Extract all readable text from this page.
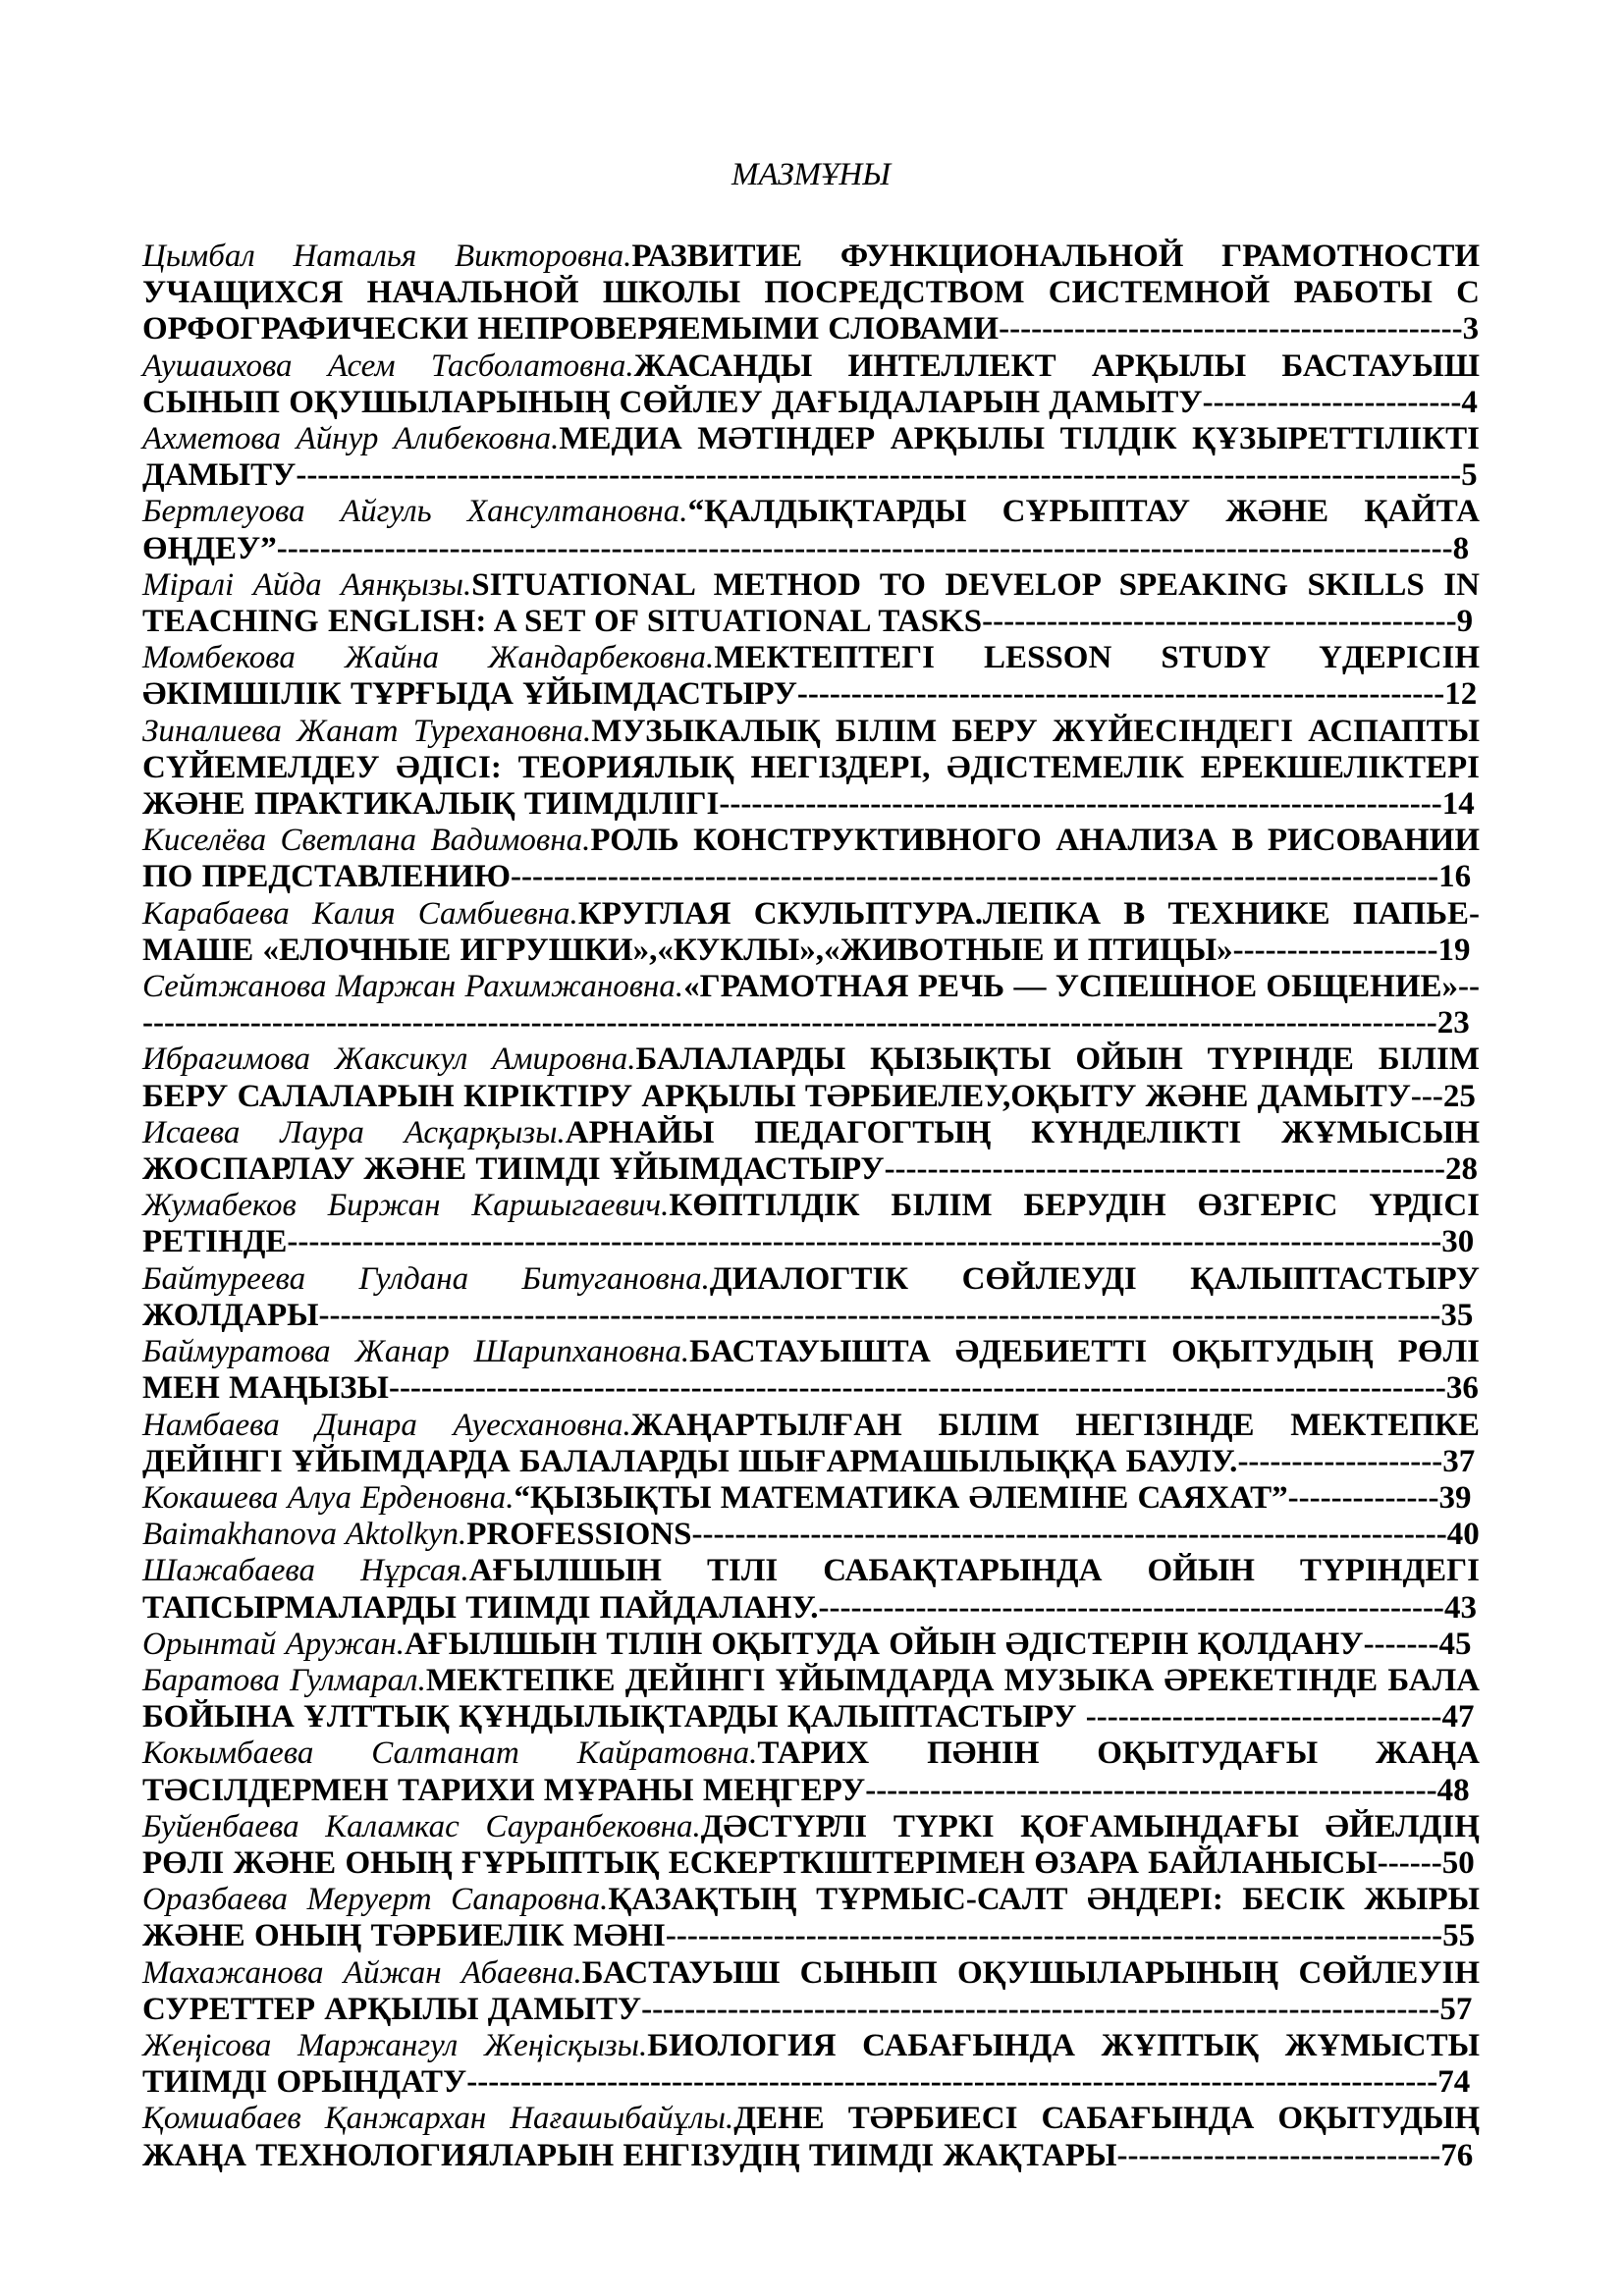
МАЗМҰНЫ

Цымбал Наталья Викторовна.РАЗВИТИЕ ФУНКЦИОНАЛЬНОЙ ГРАМОТНОСТИ УЧАЩИХСЯ НАЧАЛЬНОЙ ШКОЛЫ ПОСРЕДСТВОМ СИСТЕМНОЙ РАБОТЫ С ОРФОГРАФИЧЕСКИ НЕПРОВЕРЯЕМЫМИ СЛОВАМИ-------------------------------------------3

Аушаихова Асем Тасболатовна.ЖАСАНДЫ ИНТЕЛЛЕКТ АРҚЫЛЫ БАСТАУЫШ СЫНЫП ОҚУШЫЛАРЫНЫҢ СӨЙЛЕУ ДАҒЫДАЛАРЫН ДАМЫТУ------------------------4

Ахметова Айнур Алибековна.МЕДИА МӘТІНДЕР АРҚЫЛЫ ТІЛДІК ҚҰЗЫРЕТТІЛІКТІ ДАМЫТУ------------------------------------------------------------------------------------------------------------5

Бертлеуова Айгуль Хансултановна.“ҚАЛДЫҚТАРДЫ СҰРЫПТАУ ЖӘНЕ ҚАЙТА ӨҢДЕУ”-------------------------------------------------------------------------------------------------------------8

Міралі Айда Аянқызы.SITUATIONAL METHOD TO DEVELOP SPEAKING SKILLS IN TEACHING ENGLISH: A SET OF SITUATIONAL TASKS--------------------------------------------9

Момбекова Жайна Жандарбековна.МЕКТЕПТЕГІ LESSON STUDY ҮДЕРІСІН ӘКІМШІЛІК ТҰРҒЫДА ҰЙЫМДАСТЫРУ------------------------------------------------------------12

Зиналиева Жанат Турехановна.МУЗЫКАЛЫҚ БІЛІМ БЕРУ ЖҮЙЕСІНДЕГІ АСПАПТЫ СҮЙЕМЕЛДЕУ ӘДІСІ: ТЕОРИЯЛЫҚ НЕГІЗДЕРІ, ӘДІСТЕМЕЛІК ЕРЕКШЕЛІКТЕРІ ЖӘНЕ ПРАКТИКАЛЫҚ ТИІМДІЛІГІ-------------------------------------------------------------------14

Киселёва Светлана Вадимовна.РОЛЬ КОНСТРУКТИВНОГО АНАЛИЗА В РИСОВАНИИ ПО ПРЕДСТАВЛЕНИЮ--------------------------------------------------------------------------------------16

Карабаева Калия Самбиевна.КРУГЛАЯ СКУЛЬПТУРА.ЛЕПКА В ТЕХНИКЕ ПАПЬЕ-МАШЕ «ЕЛОЧНЫЕ ИГРУШКИ»,«КУКЛЫ»,«ЖИВОТНЫЕ И ПТИЦЫ»-------------------19

Сейтжанова Маржан Рахимжановна.«ГРАМОТНАЯ РЕЧЬ — УСПЕШНОЕ ОБЩЕНИЕ»--------------------------------------------------------------------------------------------------------------------------23

Ибрагимова Жаксикул Амировна.БАЛАЛАРДЫ ҚЫЗЫҚТЫ ОЙЫН ТҮРІНДЕ БІЛІМ БЕРУ САЛАЛАРЫН КІРІКТІРУ АРҚЫЛЫ ТӘРБИЕЛЕУ,ОҚЫТУ ЖӘНЕ ДАМЫТУ---25

Исаева Лаура Асқарқызы.АРНАЙЫ ПЕДАГОГТЫҢ КҮНДЕЛІКТІ ЖҰМЫСЫН ЖОСПАРЛАУ ЖӘНЕ ТИІМДІ ҰЙЫМДАСТЫРУ----------------------------------------------------28

Жумабеков Биржан Каршыгаевич.КӨПТІЛДІК БІЛІМ БЕРУДІН ӨЗГЕРІС ҮРДІСІ РЕТІНДЕ-----------------------------------------------------------------------------------------------------------30

Байтуреева Гулдана Битугановна.ДИАЛОГТІК СӨЙЛЕУДІ ҚАЛЫПТАСТЫРУ ЖОЛДАРЫ--------------------------------------------------------------------------------------------------------35

Баймуратова Жанар Шарипхановна.БАСТАУЫШТА ӘДЕБИЕТТІ ОҚЫТУДЫҢ РӨЛІ МЕН МАҢЫЗЫ--------------------------------------------------------------------------------------------------36

Намбаева Динара Ауесхановна.ЖАҢАРТЫЛҒАН БІЛІМ НЕГІЗІНДЕ МЕКТЕПКЕ ДЕЙІНГІ ҰЙЫМДАРДА БАЛАЛАРДЫ ШЫҒАРМАШЫЛЫҚҚА БАУЛУ.-------------------37

Кокашева Алуа Ерденовна.“ҚЫЗЫҚТЫ МАТЕМАТИКА ӘЛЕМІНЕ САЯХАТ”--------------39

Baimakhanova Aktolkyn.PROFESSIONS----------------------------------------------------------------------40

Шажабаева Нұрсая.АҒЫЛШЫН ТІЛІ САБАҚТАРЫНДА ОЙЫН ТҮРІНДЕГІ ТАПСЫРМАЛАРДЫ ТИІМДІ ПАЙДАЛАНУ.----------------------------------------------------------43

Орынтай Аружан.АҒЫЛШЫН ТІЛІН ОҚЫТУДА ОЙЫН ӘДІСТЕРІН ҚОЛДАНУ-------45

Баратова Гулмарал.МЕКТЕПКЕ ДЕЙІНГІ ҰЙЫМДАРДА МУЗЫКА ӘРЕКЕТІНДЕ БАЛА БОЙЫНА ҰЛТТЫҚ ҚҰНДЫЛЫҚТАРДЫ ҚАЛЫПТАСТЫРУ ---------------------------------47

Кокымбаева Салтанат Кайратовна.ТАРИХ ПӘНІН ОҚЫТУДАҒЫ ЖАҢА ТӘСІЛДЕРМЕН ТАРИХИ МҰРАНЫ МЕҢГЕРУ-----------------------------------------------------48

Буйенбаева Каламкас Сауранбековна.ДӘСТҮРЛІ ТҮРКІ ҚОҒАМЫНДАҒЫ ӘЙЕЛДІҢ РӨЛІ ЖӘНЕ ОНЫҢ ҒҰРЫПТЫҚ ЕСКЕРТКІШТЕРІМЕН ӨЗАРА БАЙЛАНЫСЫ------50

Оразбаева Меруерт Сапаровна.ҚАЗАҚТЫҢ ТҰРМЫС-САЛТ ӘНДЕРІ: БЕСІК ЖЫРЫ ЖӘНЕ ОНЫҢ ТӘРБИЕЛІК МӘНІ------------------------------------------------------------------------55

Махажанова Айжан Абаевна.БАСТАУЫШ СЫНЫП ОҚУШЫЛАРЫНЫҢ СӨЙЛЕУІН СУРЕТТЕР АРҚЫЛЫ ДАМЫТУ--------------------------------------------------------------------------57

Жеңісова Маржангул Жеңісқызы.БИОЛОГИЯ САБАҒЫНДА ЖҰПТЫҚ ЖҰМЫСТЫ ТИІМДІ ОРЫНДАТУ------------------------------------------------------------------------------------------74

Қомшабаев Қанжархан Нағашыбайұлы.ДЕНЕ ТӘРБИЕСІ САБАҒЫНДА ОҚЫТУДЫҢ ЖАҢА ТЕХНОЛОГИЯЛАРЫН ЕНГІЗУДІҢ ТИІМДІ ЖАҚТАРЫ------------------------------76
